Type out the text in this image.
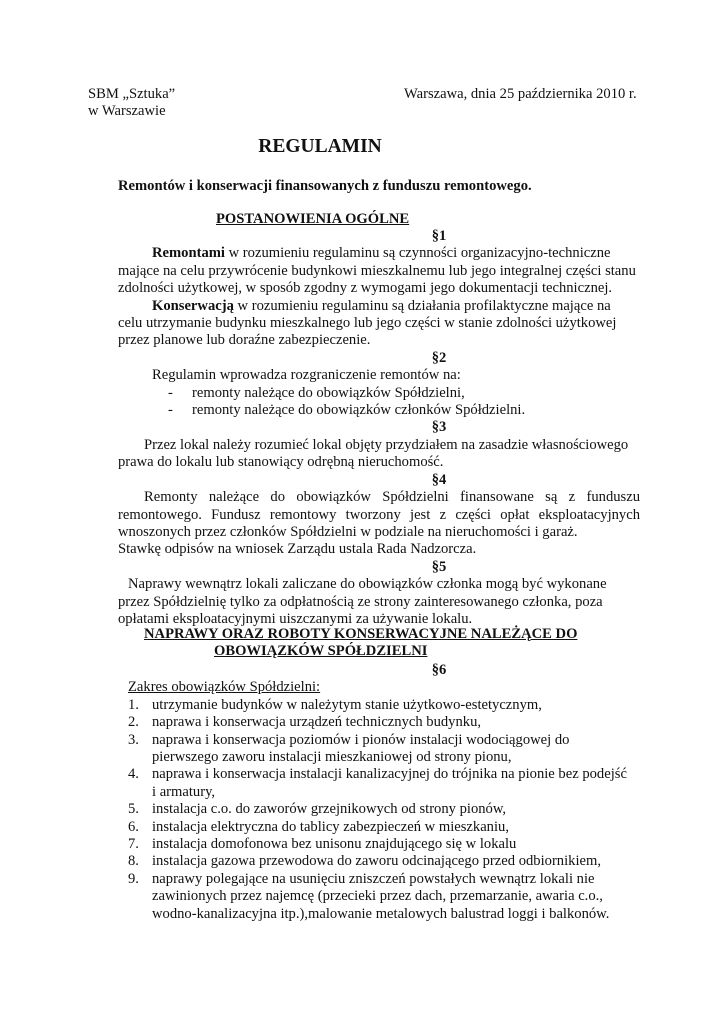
SBM „Sztuka”
w Warszawie
Warszawa, dnia 25 października 2010 r.
REGULAMIN
Remontów i konserwacji finansowanych z funduszu remontowego.
POSTANOWIENIA OGÓLNE
§1
Remontami w rozumieniu regulaminu są czynności organizacyjno-techniczne
mające na celu przywrócenie budynkowi mieszkalnemu lub jego integralnej części stanu
zdolności użytkowej, w sposób zgodny z wymogami jego dokumentacji technicznej.
Konserwacją w rozumieniu regulaminu są działania profilaktyczne mające na
celu utrzymanie budynku mieszkalnego lub jego części w stanie zdolności użytkowej
przez planowe lub doraźne zabezpieczenie.
§2
Regulamin wprowadza rozgraniczenie remontów na:
- remonty należące do obowiązków Spółdzielni,
- remonty należące do obowiązków członków Spółdzielni.
§3
Przez lokal należy rozumieć lokal objęty przydziałem na zasadzie własnościowego
prawa do lokalu lub stanowiący odrębną nieruchomość.
§4
Remonty należące do obowiązków Spółdzielni finansowane są z funduszu
remontowego. Fundusz remontowy tworzony jest z części opłat eksploatacyjnych
wnoszonych przez członków Spółdzielni w podziale na nieruchomości i garaż.
Stawkę odpisów na wniosek Zarządu ustala Rada Nadzorcza.
§5
Naprawy wewnątrz lokali zaliczane do obowiązków członka mogą być wykonane
przez Spółdzielnię tylko za odpłatnością ze strony zainteresowanego członka, poza
opłatami eksploatacyjnymi uiszczanymi za używanie lokalu.
NAPRAWY ORAZ ROBOTY KONSERWACYJNE NALEŻĄCE DO
OBOWIĄZKÓW SPÓŁDZIELNI
§6
Zakres obowiązków Spółdzielni:
1. utrzymanie budynków w należytym stanie użytkowo-estetycznym,
2. naprawa i konserwacja urządzeń technicznych budynku,
3. naprawa i konserwacja poziomów i pionów instalacji wodociągowej do
pierwszego zaworu instalacji mieszkaniowej od strony pionu,
4. naprawa i konserwacja instalacji kanalizacyjnej do trójnika na pionie bez podejść
i armatury,
5. instalacja c.o. do zaworów grzejnikowych od strony pionów,
6. instalacja elektryczna do tablicy zabezpieczeń w mieszkaniu,
7. instalacja domofonowa bez unisonu znajdującego się w lokalu
8. instalacja gazowa przewodowa do zaworu odcinającego przed odbiornikiem,
9. naprawy polegające na usunięciu zniszczeń powstałych wewnątrz lokali nie
zawinionych przez najemcę (przecieki przez dach, przemarzanie, awaria c.o.,
wodno-kanalizacyjna itp.),malowanie metalowych balustrad loggi i balkonów.
